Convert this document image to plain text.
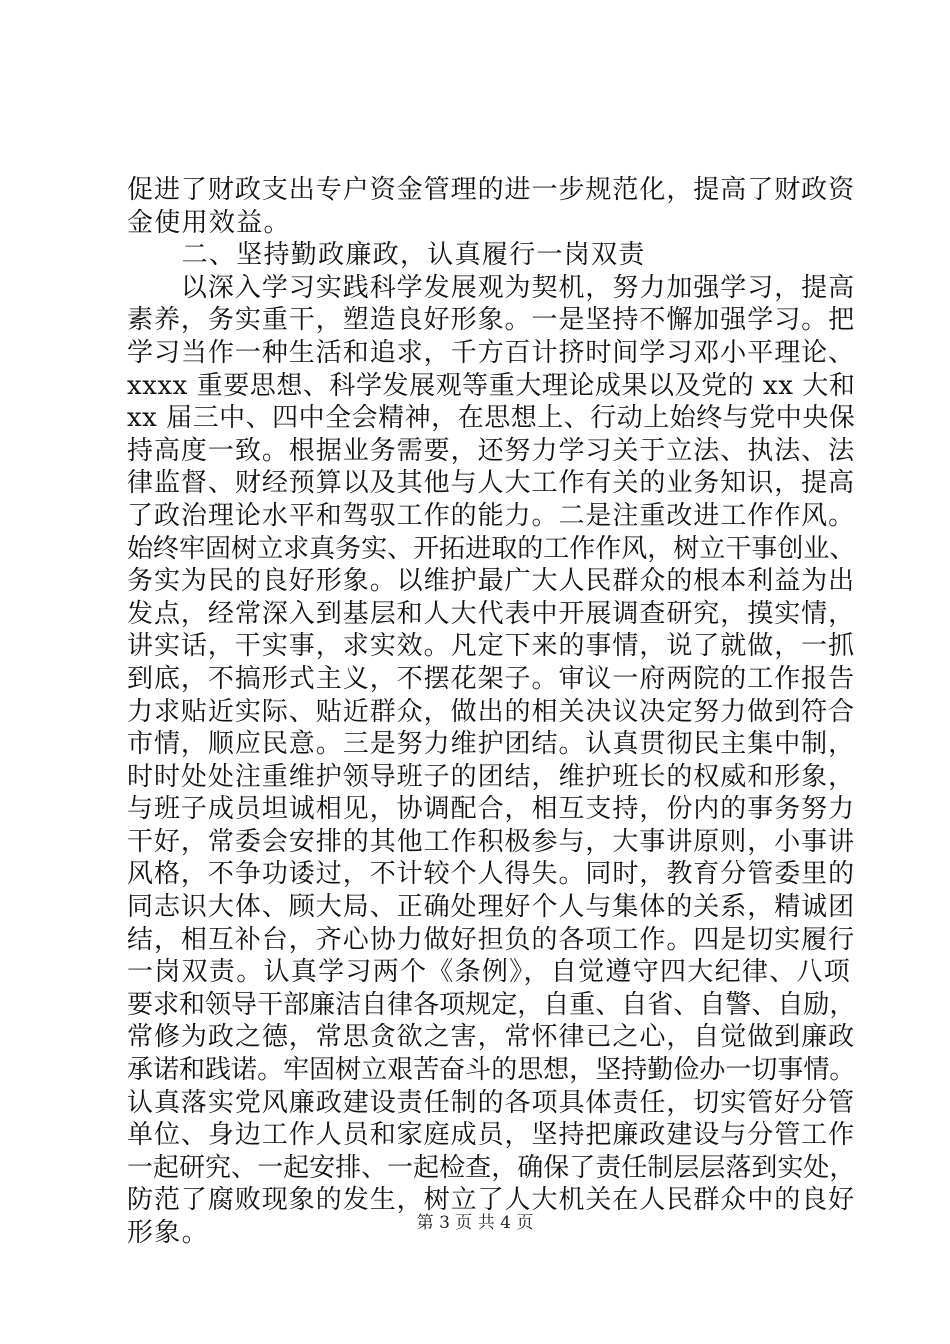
促进了财政支出专户资金管理的进一步规范化，提高了财政资
金使用效益。
　　二、坚持勤政廉政，认真履行一岗双责
　　以深入学习实践科学发展观为契机，努力加强学习，提高
素养，务实重干，塑造良好形象。一是坚持不懈加强学习。把
学习当作一种生活和追求，千方百计挤时间学习邓小平理论、
xxxx 重要思想、科学发展观等重大理论成果以及党的 xx 大和
xx 届三中、四中全会精神，在思想上、行动上始终与党中央保
持高度一致。根据业务需要，还努力学习关于立法、执法、法
律监督、财经预算以及其他与人大工作有关的业务知识，提高
了政治理论水平和驾驭工作的能力。二是注重改进工作作风。
始终牢固树立求真务实、开拓进取的工作作风，树立干事创业、
务实为民的良好形象。以维护最广大人民群众的根本利益为出
发点，经常深入到基层和人大代表中开展调查研究，摸实情，
讲实话，干实事，求实效。凡定下来的事情，说了就做，一抓
到底，不搞形式主义，不摆花架子。审议一府两院的工作报告
力求贴近实际、贴近群众，做出的相关决议决定努力做到符合
市情，顺应民意。三是努力维护团结。认真贯彻民主集中制，
时时处处注重维护领导班子的团结，维护班长的权威和形象，
与班子成员坦诚相见，协调配合，相互支持，份内的事务努力
干好，常委会安排的其他工作积极参与，大事讲原则，小事讲
风格，不争功诿过，不计较个人得失。同时，教育分管委里的
同志识大体、顾大局、正确处理好个人与集体的关系，精诚团
结，相互补台，齐心协力做好担负的各项工作。四是切实履行
一岗双责。认真学习两个《条例》，自觉遵守四大纪律、八项
要求和领导干部廉洁自律各项规定，自重、自省、自警、自励，
常修为政之德，常思贪欲之害，常怀律已之心，自觉做到廉政
承诺和践诺。牢固树立艰苦奋斗的思想，坚持勤俭办一切事情。
认真落实党风廉政建设责任制的各项具体责任，切实管好分管
单位、身边工作人员和家庭成员，坚持把廉政建设与分管工作
一起研究、一起安排、一起检查，确保了责任制层层落到实处，
防范了腐败现象的发生，树立了人大机关在人民群众中的良好
形象。	第 3 页 共 4 页
